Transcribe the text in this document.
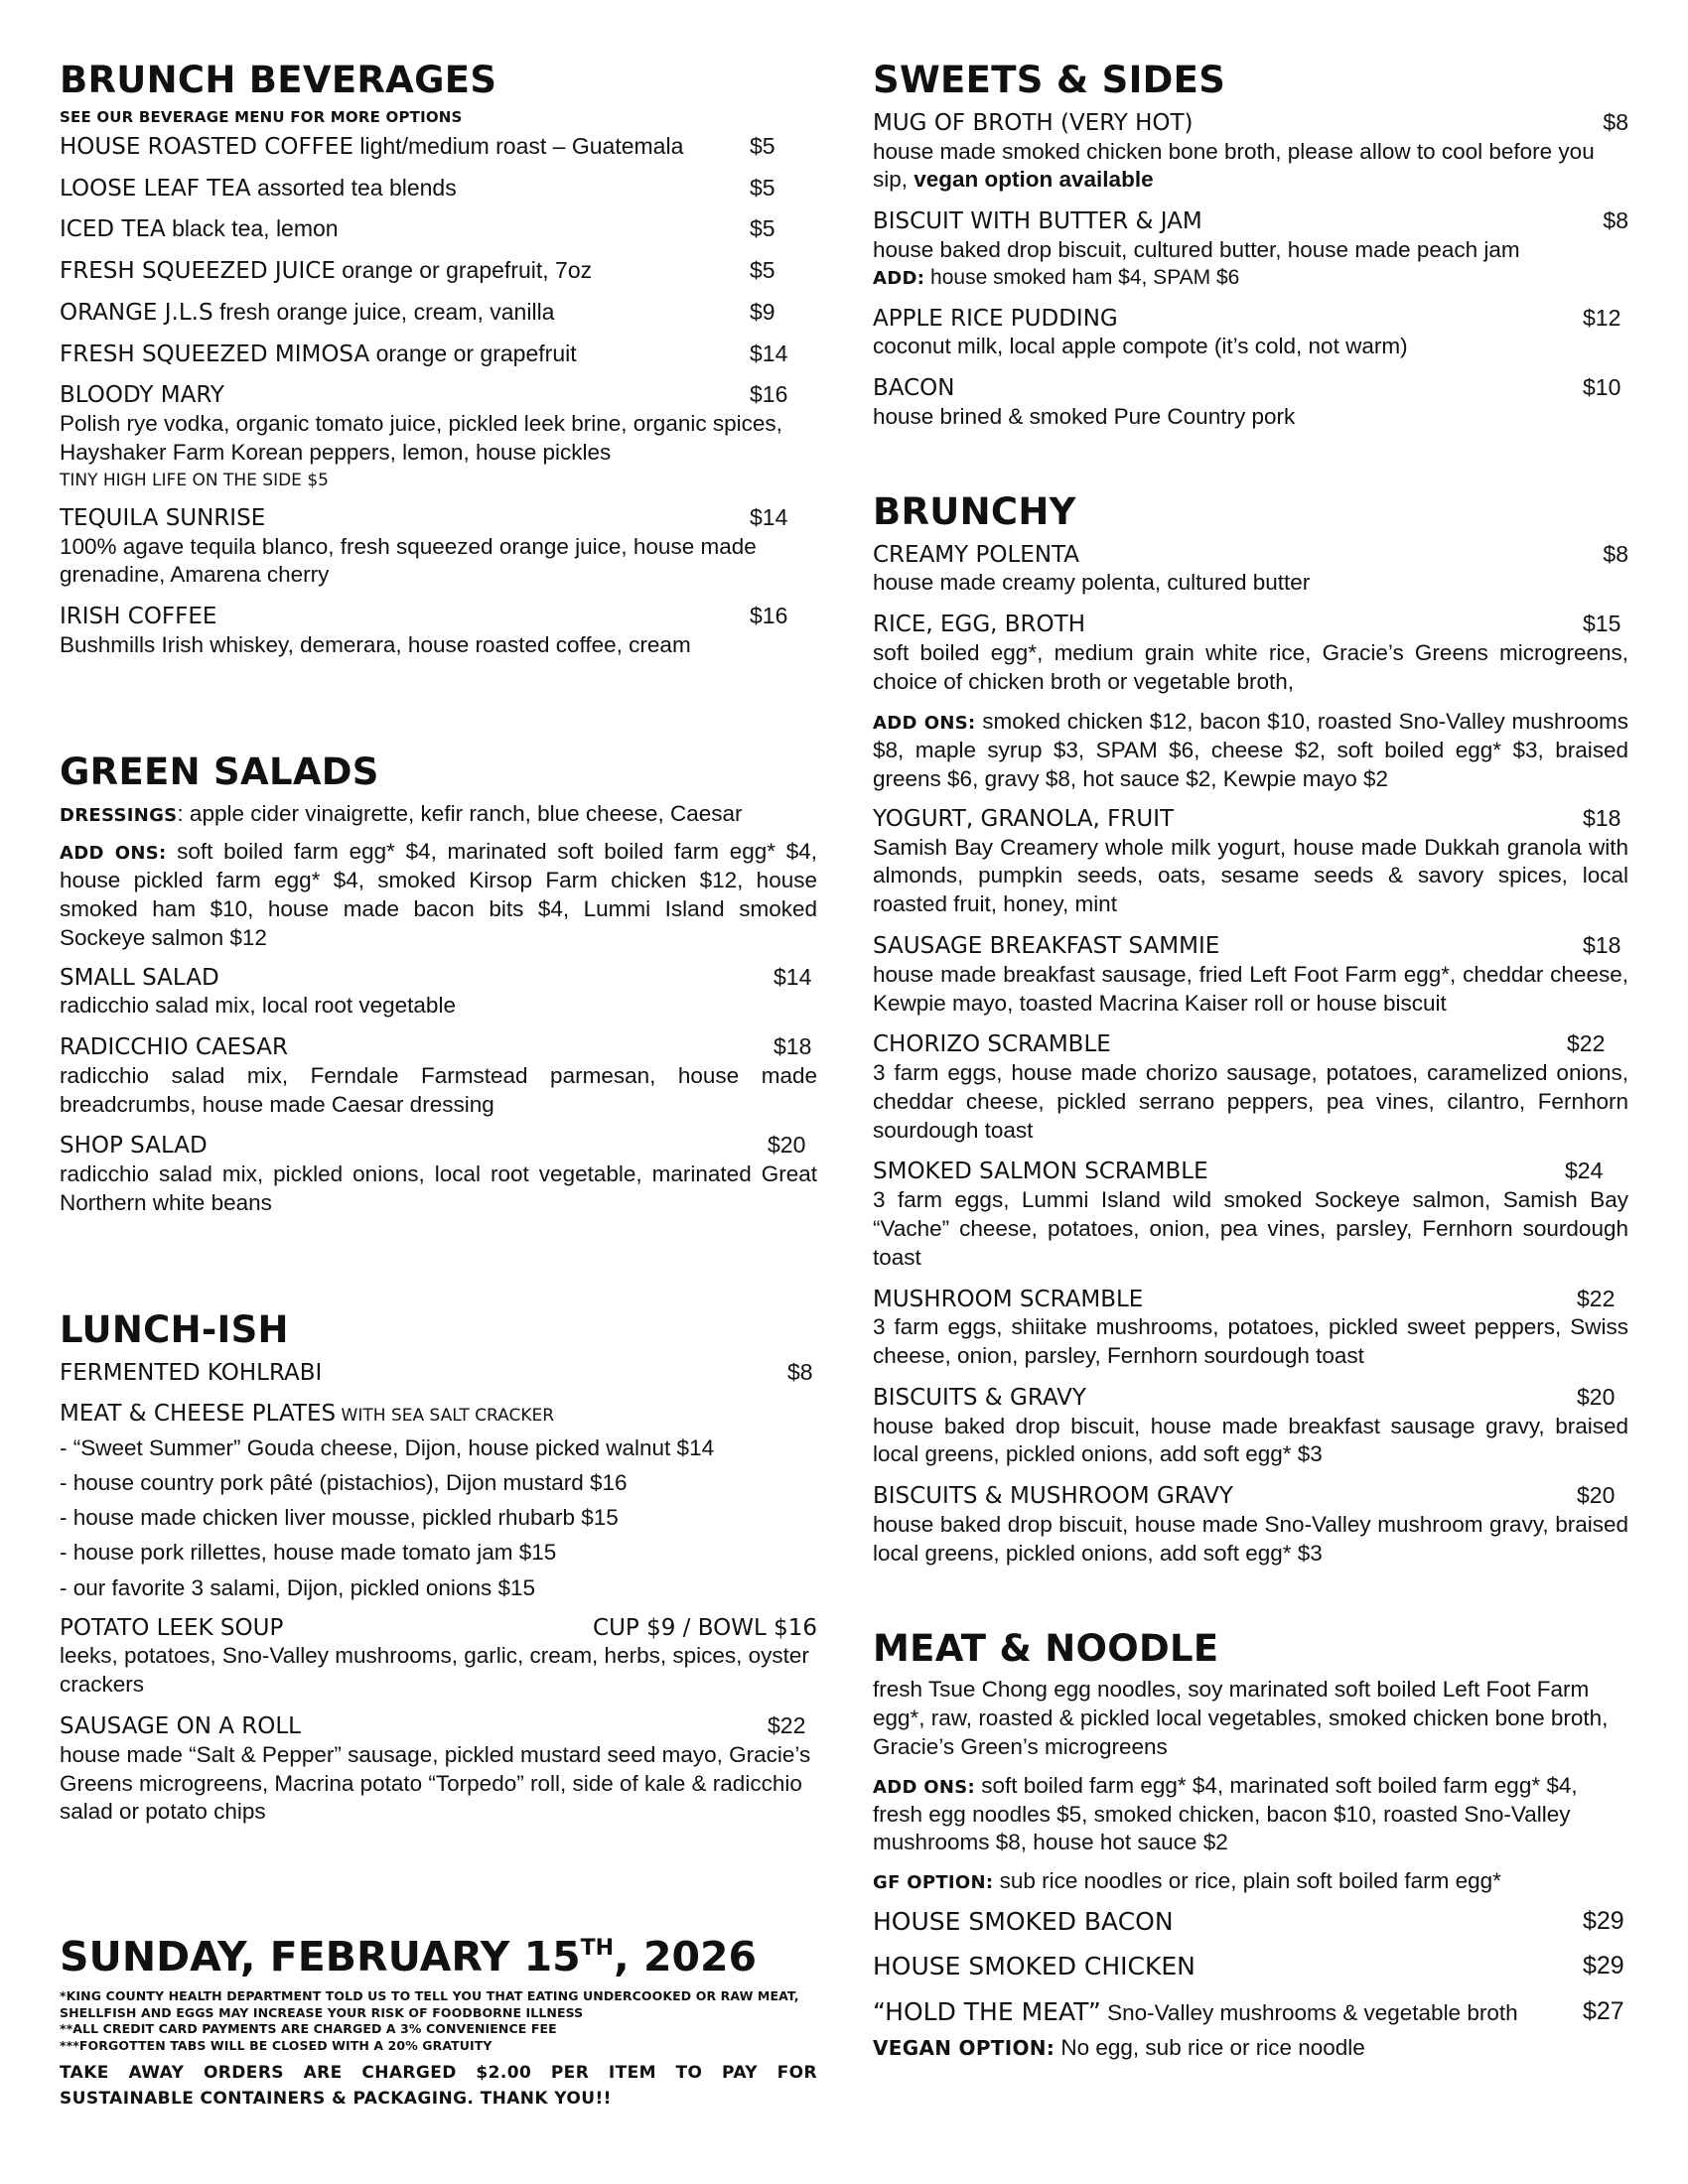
BRUNCH BEVERAGES
SEE OUR BEVERAGE MENU FOR MORE OPTIONS
HOUSE ROASTED COFFEE light/medium roast – Guatemala	$5
LOOSE LEAF TEA assorted tea blends	$5
ICED TEA black tea, lemon	$5
FRESH SQUEEZED JUICE orange or grapefruit, 7oz	$5
ORANGE J.L.S fresh orange juice, cream, vanilla	$9
FRESH SQUEEZED MIMOSA orange or grapefruit	$14
BLOODY MARY	$16
Polish rye vodka, organic tomato juice, pickled leek brine, organic spices, Hayshaker Farm Korean peppers, lemon, house pickles
TINY HIGH LIFE ON THE SIDE $5
TEQUILA SUNRISE	$14
100% agave tequila blanco, fresh squeezed orange juice, house made grenadine, Amarena cherry
IRISH COFFEE	$16
Bushmills Irish whiskey, demerara, house roasted coffee, cream
GREEN SALADS
DRESSINGS: apple cider vinaigrette, kefir ranch, blue cheese, Caesar
ADD ONS: soft boiled farm egg* $4, marinated soft boiled farm egg* $4, house pickled farm egg* $4, smoked Kirsop Farm chicken $12, house smoked ham $10, house made bacon bits $4, Lummi Island smoked Sockeye salmon $12
SMALL SALAD	$14
radicchio salad mix, local root vegetable
RADICCHIO CAESAR	$18
radicchio salad mix, Ferndale Farmstead parmesan, house made breadcrumbs, house made Caesar dressing
SHOP SALAD	$20
radicchio salad mix, pickled onions, local root vegetable, marinated Great Northern white beans
LUNCH-ISH
FERMENTED KOHLRABI	$8
MEAT & CHEESE PLATES WITH SEA SALT CRACKER
- “Sweet Summer” Gouda cheese, Dijon, house picked walnut $14
- house country pork pâté (pistachios), Dijon mustard $16
- house made chicken liver mousse, pickled rhubarb $15
- house pork rillettes, house made tomato jam $15
- our favorite 3 salami, Dijon, pickled onions $15
POTATO LEEK SOUP	CUP $9 / BOWL $16
leeks, potatoes, Sno-Valley mushrooms, garlic, cream, herbs, spices, oyster crackers
SAUSAGE ON A ROLL	$22
house made “Salt & Pepper” sausage, pickled mustard seed mayo, Gracie’s Greens microgreens, Macrina potato “Torpedo” roll, side of kale & radicchio salad or potato chips
SUNDAY, FEBRUARY 15TH, 2026
*KING COUNTY HEALTH DEPARTMENT TOLD US TO TELL YOU THAT EATING UNDERCOOKED OR RAW MEAT, SHELLFISH AND EGGS MAY INCREASE YOUR RISK OF FOODBORNE ILLNESS
**ALL CREDIT CARD PAYMENTS ARE CHARGED A 3% CONVENIENCE FEE
***FORGOTTEN TABS WILL BE CLOSED WITH A 20% GRATUITY
TAKE AWAY ORDERS ARE CHARGED $2.00 PER ITEM TO PAY FOR SUSTAINABLE CONTAINERS & PACKAGING. THANK YOU!!
SWEETS & SIDES
MUG OF BROTH (VERY HOT)	$8
house made smoked chicken bone broth, please allow to cool before you sip, vegan option available
BISCUIT WITH BUTTER & JAM	$8
house baked drop biscuit, cultured butter, house made peach jam
ADD: house smoked ham $4, SPAM $6
APPLE RICE PUDDING	$12
coconut milk, local apple compote (it’s cold, not warm)
BACON	$10
house brined & smoked Pure Country pork
BRUNCHY
CREAMY POLENTA	$8
house made creamy polenta, cultured butter
RICE, EGG, BROTH	$15
soft boiled egg*, medium grain white rice, Gracie’s Greens microgreens, choice of chicken broth or vegetable broth,
ADD ONS: smoked chicken $12, bacon $10, roasted Sno-Valley mushrooms $8, maple syrup $3, SPAM $6, cheese $2, soft boiled egg* $3, braised greens $6, gravy $8, hot sauce $2, Kewpie mayo $2
YOGURT, GRANOLA, FRUIT	$18
Samish Bay Creamery whole milk yogurt, house made Dukkah granola with almonds, pumpkin seeds, oats, sesame seeds & savory spices, local roasted fruit, honey, mint
SAUSAGE BREAKFAST SAMMIE	$18
house made breakfast sausage, fried Left Foot Farm egg*, cheddar cheese, Kewpie mayo, toasted Macrina Kaiser roll or house biscuit
CHORIZO SCRAMBLE	$22
3 farm eggs, house made chorizo sausage, potatoes, caramelized onions, cheddar cheese, pickled serrano peppers, pea vines, cilantro, Fernhorn sourdough toast
SMOKED SALMON SCRAMBLE	$24
3 farm eggs, Lummi Island wild smoked Sockeye salmon, Samish Bay “Vache” cheese, potatoes, onion, pea vines, parsley, Fernhorn sourdough toast
MUSHROOM SCRAMBLE	$22
3 farm eggs, shiitake mushrooms, potatoes, pickled sweet peppers, Swiss cheese, onion, parsley, Fernhorn sourdough toast
BISCUITS & GRAVY	$20
house baked drop biscuit, house made breakfast sausage gravy, braised local greens, pickled onions, add soft egg* $3
BISCUITS & MUSHROOM GRAVY	$20
house baked drop biscuit, house made Sno-Valley mushroom gravy, braised local greens, pickled onions, add soft egg* $3
MEAT & NOODLE
fresh Tsue Chong egg noodles, soy marinated soft boiled Left Foot Farm egg*, raw, roasted & pickled local vegetables, smoked chicken bone broth, Gracie’s Green’s microgreens
ADD ONS: soft boiled farm egg* $4, marinated soft boiled farm egg* $4, fresh egg noodles $5, smoked chicken, bacon $10, roasted Sno-Valley mushrooms $8, house hot sauce $2
GF OPTION: sub rice noodles or rice, plain soft boiled farm egg*
HOUSE SMOKED BACON	$29
HOUSE SMOKED CHICKEN	$29
“HOLD THE MEAT” Sno-Valley mushrooms & vegetable broth	$27
VEGAN OPTION: No egg, sub rice or rice noodle
